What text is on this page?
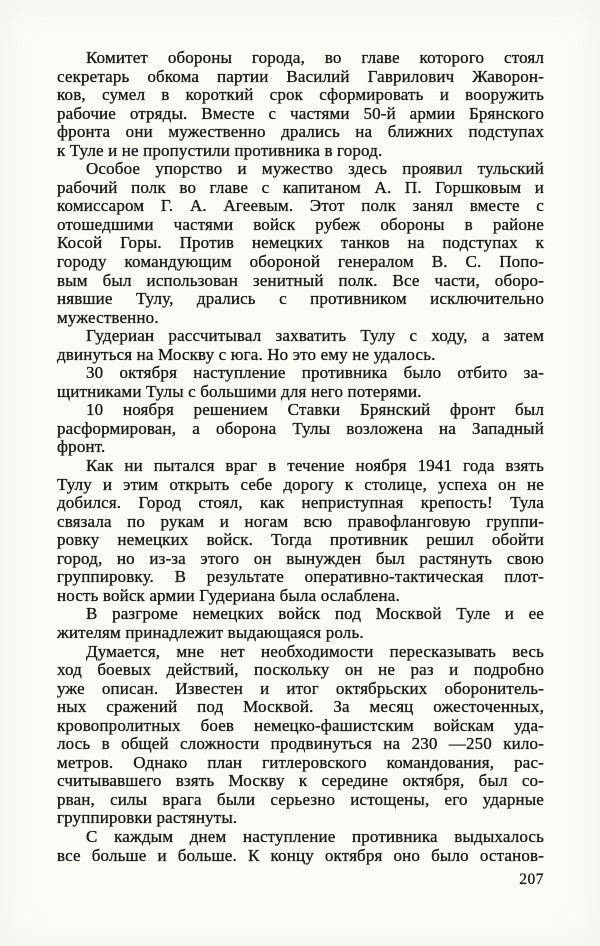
Комитет обороны города, во главе которого стоял
секретарь обкома партии Василий Гаврилович Жаворон-
ков, сумел в короткий срок сформировать и вооружить
рабочие отряды. Вместе с частями 50-й армии Брянского
фронта они мужественно дрались на ближних подступах
к Туле и не пропустили противника в город.
Особое упорство и мужество здесь проявил тульский
рабочий полк во главе с капитаном А. П. Горшковым и
комиссаром Г. А. Агеевым. Этот полк занял вместе с
отошедшими частями войск рубеж обороны в районе
Косой Горы. Против немецких танков на подступах к
городу командующим обороной генералом В. С. Попо-
вым был использован зенитный полк. Все части, оборо-
нявшие Тулу, дрались с противником исключительно
мужественно.
Гудериан рассчитывал захватить Тулу с ходу, а затем
двинуться на Москву с юга. Но это ему не удалось.
30 октября наступление противника было отбито за-
щитниками Тулы с большими для него потерями.
10 ноября решением Ставки Брянский фронт был
расформирован, а оборона Тулы возложена на Западный
фронт.
Как ни пытался враг в течение ноября 1941 года взять
Тулу и этим открыть себе дорогу к столице, успеха он не
добился. Город стоял, как неприступная крепость! Тула
связала по рукам и ногам всю правофланговую группи-
ровку немецких войск. Тогда противник решил обойти
город, но из-за этого он вынужден был растянуть свою
группировку. В результате оперативно-тактическая плот-
ность войск армии Гудериана была ослаблена.
В разгроме немецких войск под Москвой Туле и ее
жителям принадлежит выдающаяся роль.
Думается, мне нет необходимости пересказывать весь
ход боевых действий, поскольку он не раз и подробно
уже описан. Известен и итог октябрьских оборонитель-
ных сражений под Москвой. За месяц ожесточенных,
кровопролитных боев немецко-фашистским войскам уда-
лось в общей сложности продвинуться на 230 —250 кило-
метров. Однако план гитлеровского командования, рас-
считывавшего взять Москву к середине октября, был со-
рван, силы врага были серьезно истощены, его ударные
группировки растянуты.
С каждым днем наступление противника выдыхалось
все больше и больше. К концу октября оно было останов-
207
